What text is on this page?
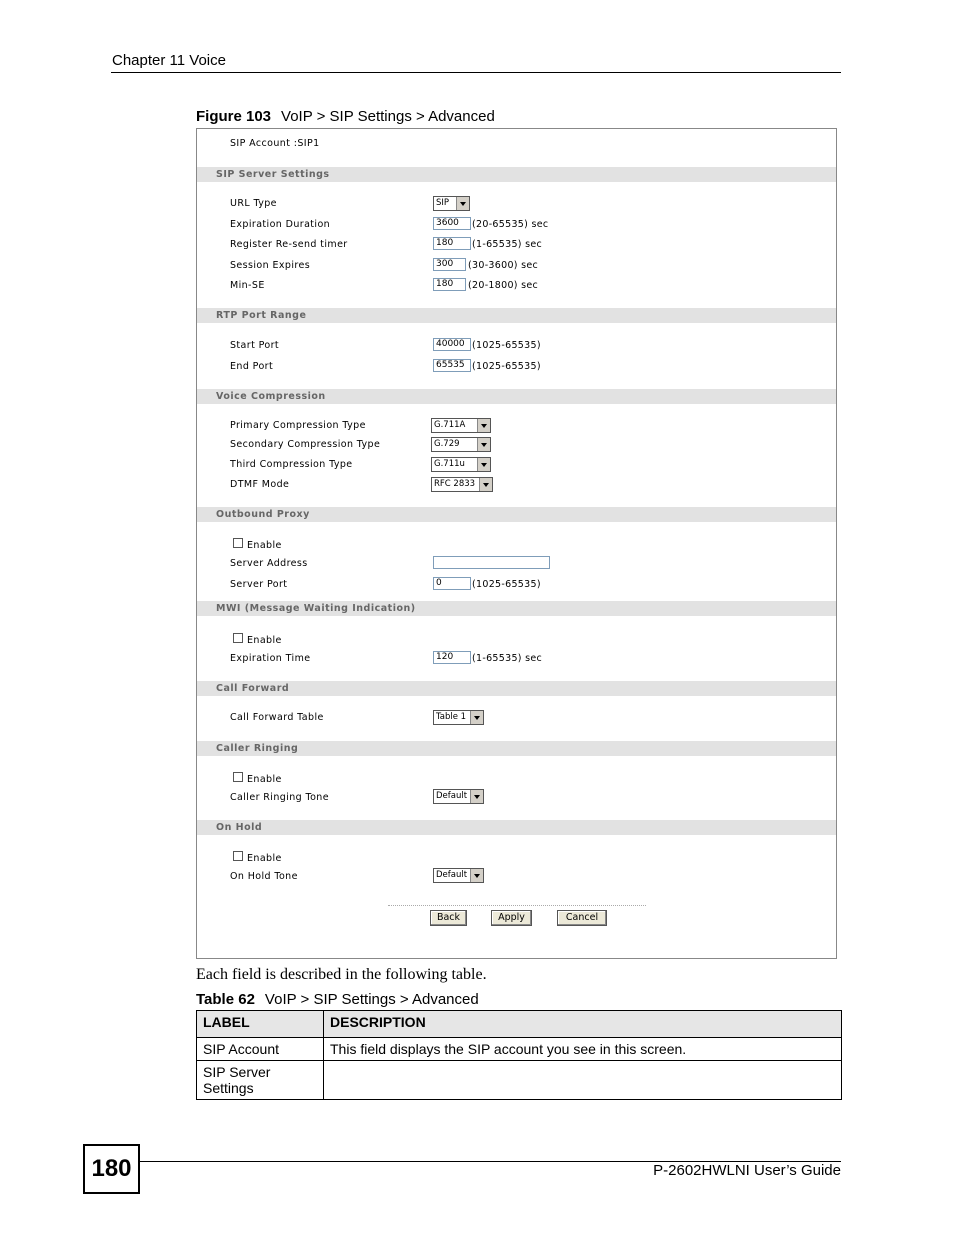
Chapter 11 Voice
Figure 103 VoIP > SIP Settings > Advanced
SIP Account :SIP1
SIP Server Settings
URL Type	SIP
Expiration Duration	3600	(20-65535) sec
Register Re-send timer	180	(1-65535) sec
Session Expires	300	(30-3600) sec
Min-SE	180	(20-1800) sec
RTP Port Range
Start Port	40000 (1025-65535)
End Port	65535 (1025-65535)
Voice Compression
Primary Compression Type	G.711A
Secondary Compression Type	G.729
Third Compression Type	G.711u
DTMF Mode	RFC 2833
Outbound Proxy
Enable
Server Address
Server Port	0	(1025-65535)
MWI (Message Waiting Indication)
Enable
Expiration Time	120	(1-65535) sec
Call Forward
Call Forward Table	Table 1
Caller Ringing
Enable
Caller Ringing Tone	Default
On Hold
Enable
On Hold Tone	Default
Back	Apply	Cancel
Each field is described in the following table.
Table 62 VoIP > SIP Settings > Advanced
LABEL	DESCRIPTION
SIP Account	This field displays the SIP account you see in this screen.
SIP Server Settings	
180	P-2602HWLNI User’s Guide
